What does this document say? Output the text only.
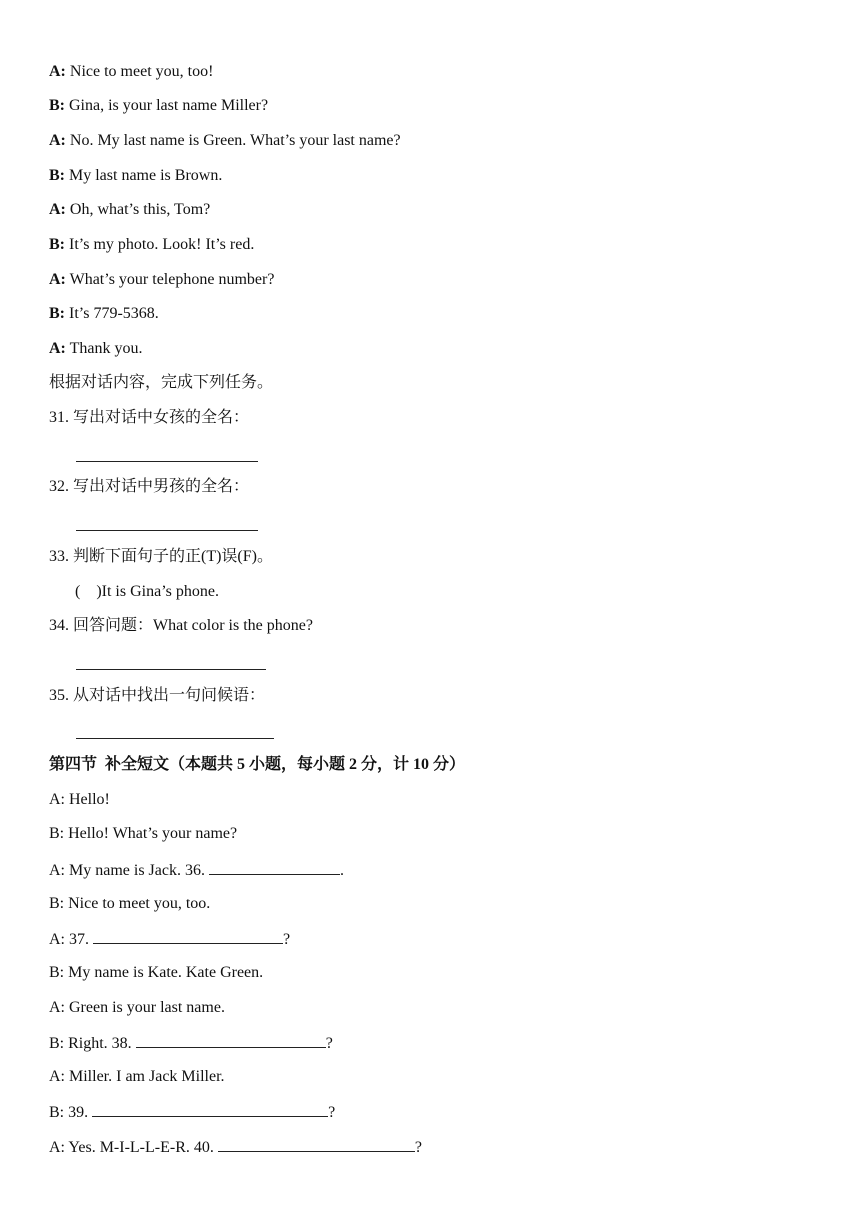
A: Nice to meet you, too!
B: Gina, is your last name Miller?
A: No. My last name is Green. What’s your last name?
B: My last name is Brown.
A: Oh, what’s this, Tom?
B: It’s my photo. Look! It’s red.
A: What’s your telephone number?
B: It’s 779-5368.
A: Thank you.
根据对话内容，完成下列任务。
31. 写出对话中女孩的全名：
32. 写出对话中男孩的全名：
33. 判断下面句子的正(T)误(F)。
(    )It is Gina’s phone.
34. 回答问题：What color is the phone?
35. 从对话中找出一句问候语：
第四节  补全短文（本题共 5 小题，每小题 2 分，计 10 分）
A: Hello!
B: Hello! What’s your name?
A: My name is Jack. 36.	.
B: Nice to meet you, too.
A: 37.	?
B: My name is Kate. Kate Green.
A: Green is your last name.
B: Right. 38.	?
A: Miller. I am Jack Miller.
B: 39.	?
A: Yes. M-I-L-L-E-R. 40.	?
